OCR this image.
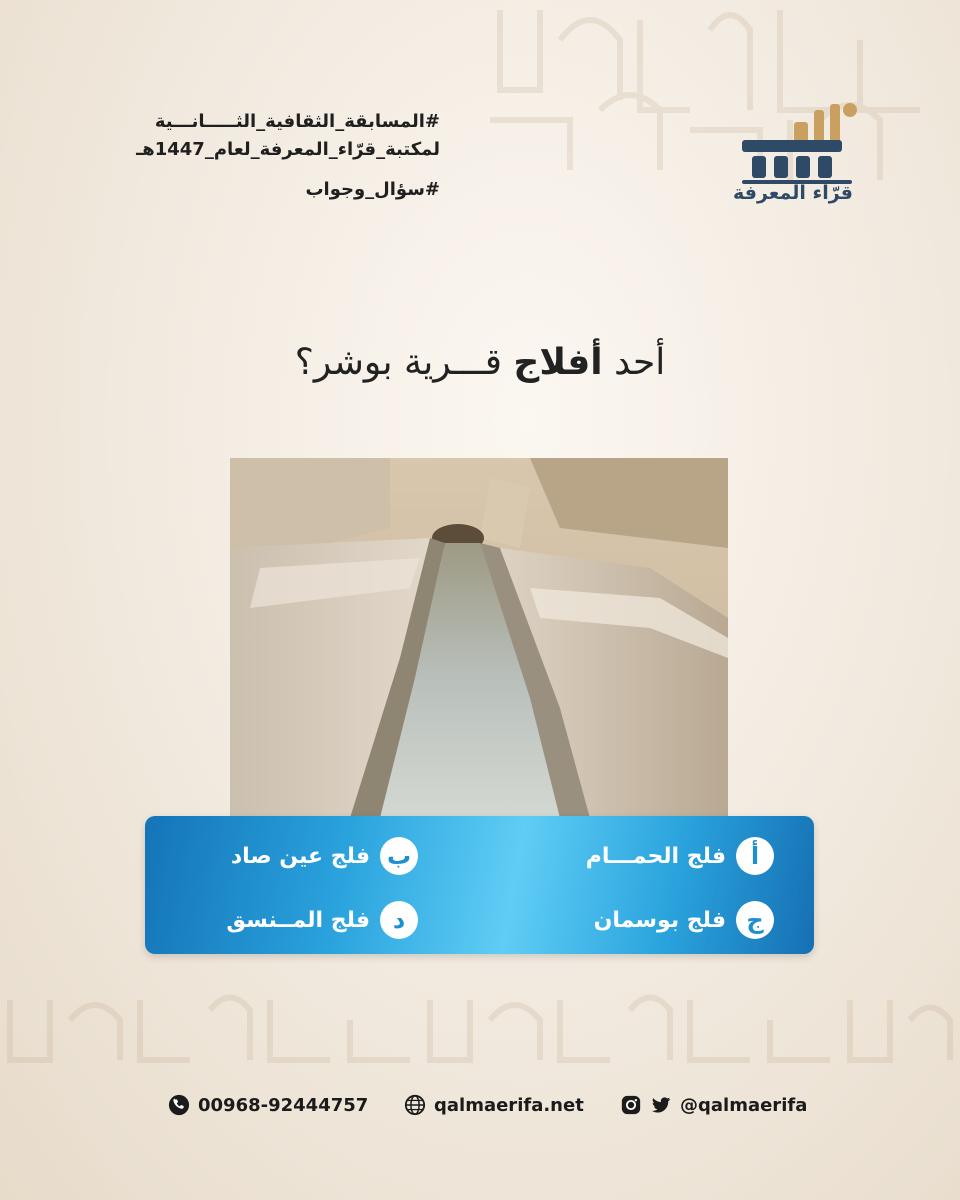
قرّاء المعرفة
#المسابقة_الثقافية_الثـــــانـــية
لمكتبة_قرّاء_المعرفة_لعام_1447هـ
#سؤال_وجواب
أحد أفلاج قـــرية بوشر؟
أ
فلج الحمـــام
ب
فلج عين صاد
ج
فلج بوسمان
د
فلج المــنسق
00968-92444757	qalmaerifa.net	@qalmaerifa
